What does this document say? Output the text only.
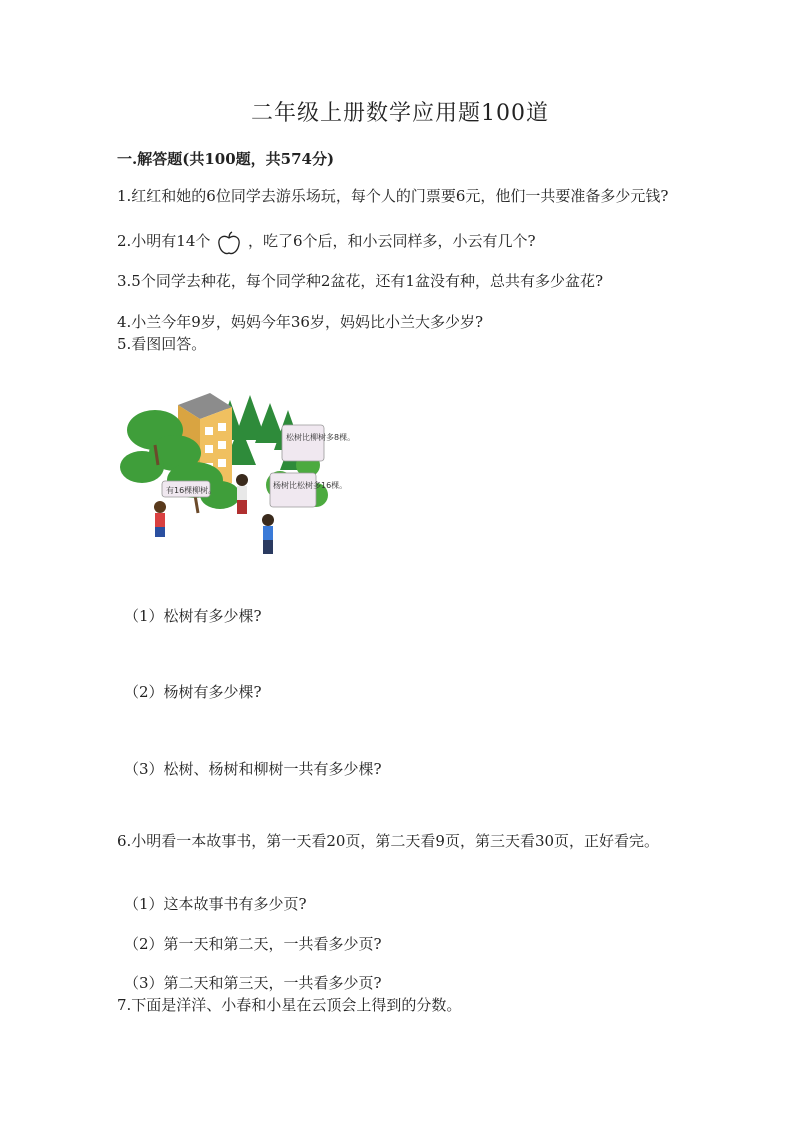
二年级上册数学应用题100道
一.解答题(共100题，共574分)
1.红红和她的6位同学去游乐场玩，每个人的门票要6元，他们一共要准备多少元钱?
2.小明有14个	，吃了6个后，和小云同样多，小云有几个?
3.5个同学去种花，每个同学种2盆花，还有1盆没有种，总共有多少盆花?
4.小兰今年9岁，妈妈今年36岁，妈妈比小兰大多少岁?
5.看图回答。
松树比柳树多8棵。
有16棵柳树。
杨树比松树多16棵。
（1）松树有多少棵?
（2）杨树有多少棵?
（3）松树、杨树和柳树一共有多少棵?
6.小明看一本故事书，第一天看20页，第二天看9页，第三天看30页，正好看完。
（1）这本故事书有多少页?
（2）第一天和第二天，一共看多少页?
（3）第二天和第三天，一共看多少页?
7.下面是洋洋、小春和小星在云顶会上得到的分数。
